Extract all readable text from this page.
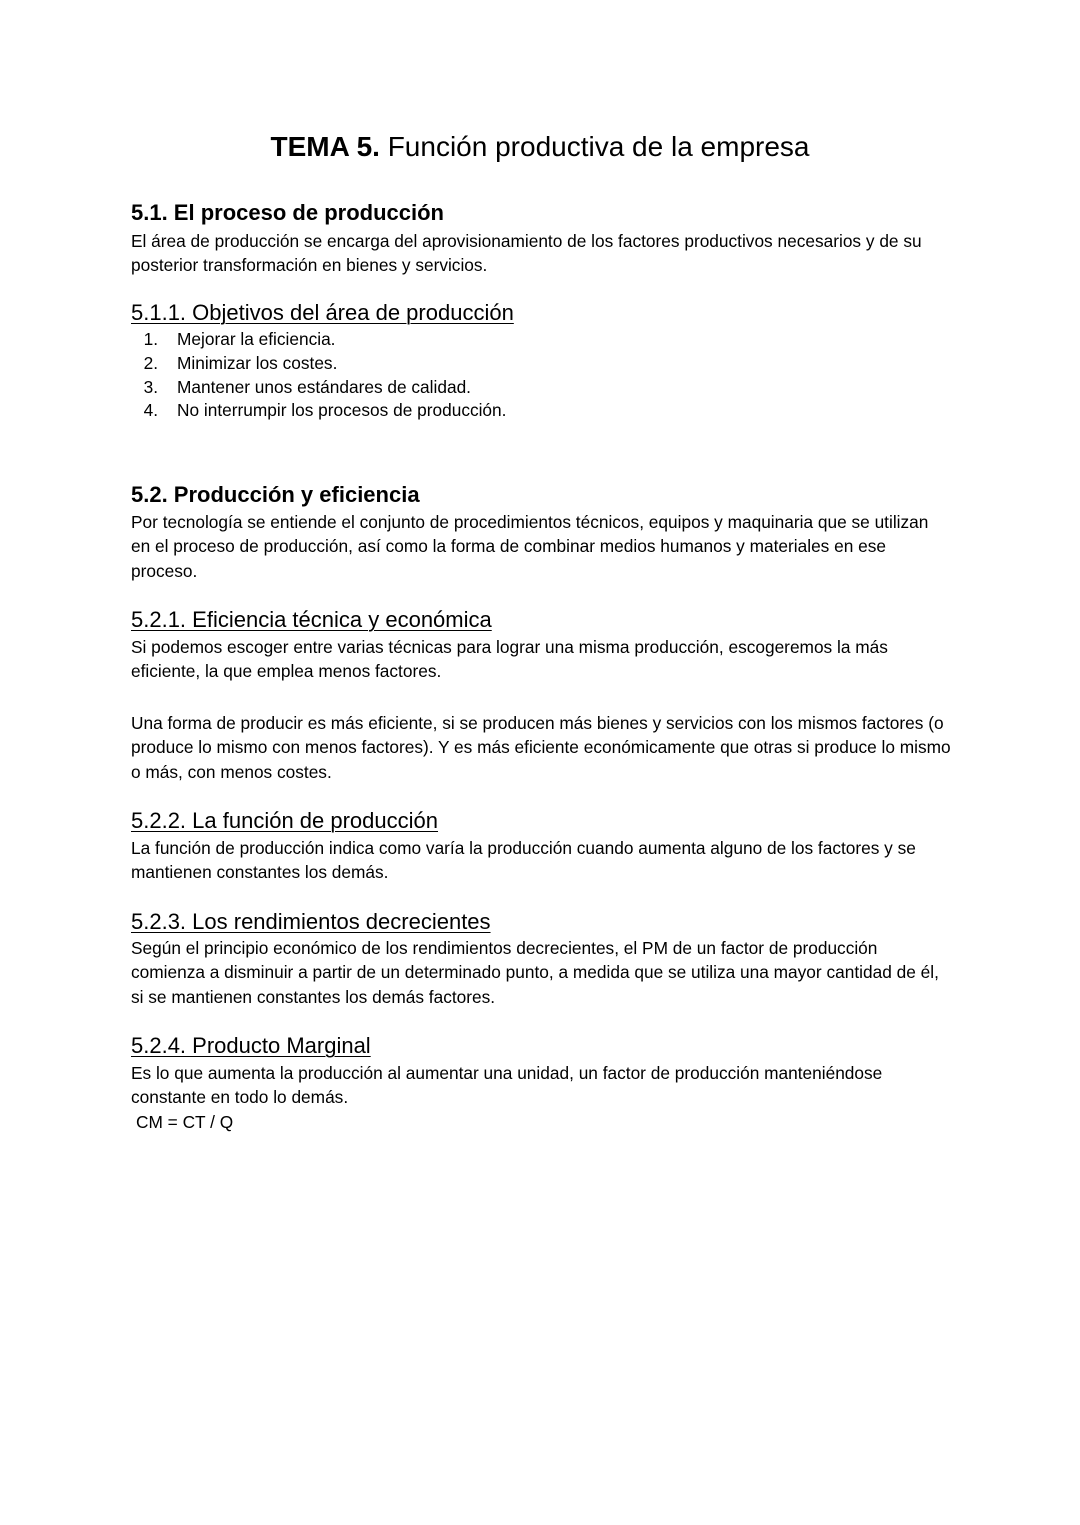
TEMA 5. Función productiva de la empresa
5.1. El proceso de producción
El área de producción se encarga del aprovisionamiento de los factores productivos necesarios y de su posterior transformación en bienes y servicios.
5.1.1. Objetivos del área de producción
1. Mejorar la eficiencia.
2. Minimizar los costes.
3. Mantener unos estándares de calidad.
4. No interrumpir los procesos de producción.
5.2. Producción y eficiencia
Por tecnología se entiende el conjunto de procedimientos técnicos, equipos y maquinaria que se utilizan en el proceso de producción, así como la forma de combinar medios humanos y materiales en ese proceso.
5.2.1. Eficiencia técnica y económica
Si podemos escoger entre varias técnicas para lograr una misma producción, escogeremos la más eficiente, la que emplea menos factores.
Una forma de producir es más eficiente, si se producen más bienes y servicios con los mismos factores (o produce lo mismo con menos factores). Y es más eficiente económicamente que otras si produce lo mismo o más, con menos costes.
5.2.2. La función de producción
La función de producción indica como varía la producción cuando aumenta alguno de los factores y se mantienen constantes los demás.
5.2.3. Los rendimientos decrecientes
Según el principio económico de los rendimientos decrecientes, el PM de un factor de producción comienza a disminuir a partir de un determinado punto, a medida que se utiliza una mayor cantidad de él, si se mantienen constantes los demás factores.
5.2.4. Producto Marginal
Es lo que aumenta la producción al aumentar una unidad, un factor de producción manteniéndose constante en todo lo demás.
CM = CT / Q
